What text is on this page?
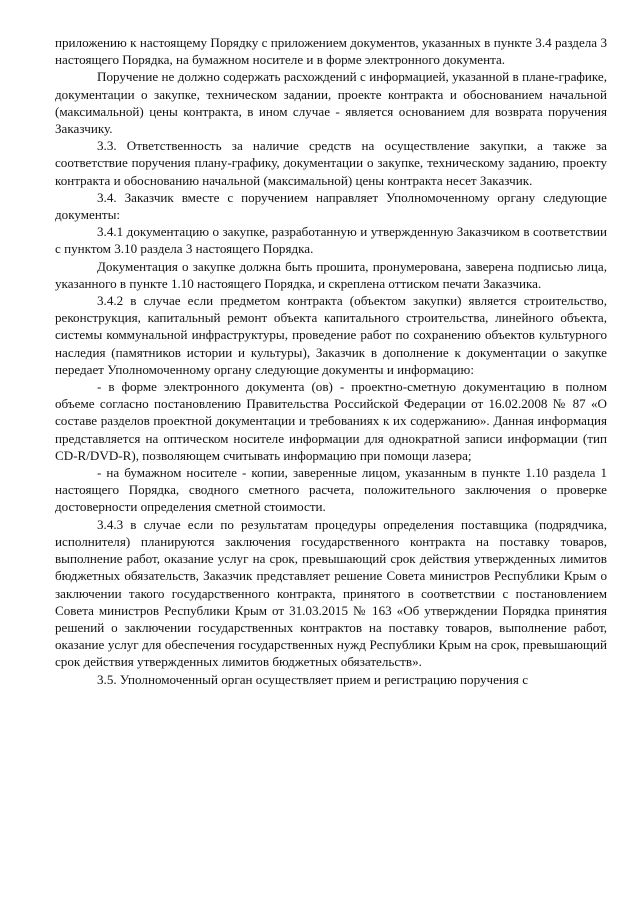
приложению к настоящему Порядку с приложением документов, указанных в пункте 3.4 раздела 3 настоящего Порядка, на бумажном носителе и в форме электронного документа.

Поручение не должно содержать расхождений с информацией, указанной в плане-графике, документации о закупке, техническом задании, проекте контракта и обоснованием начальной (максимальной) цены контракта, в ином случае - является основанием для возврата поручения Заказчику.

3.3. Ответственность за наличие средств на осуществление закупки, а также за соответствие поручения плану-графику, документации о закупке, техническому заданию, проекту контракта и обоснованию начальной (максимальной) цены контракта несет Заказчик.

3.4. Заказчик вместе с поручением направляет Уполномоченному органу следующие документы:

3.4.1 документацию о закупке, разработанную и утвержденную Заказчиком в соответствии с пунктом 3.10 раздела 3 настоящего Порядка.

Документация о закупке должна быть прошита, пронумерована, заверена подписью лица, указанного в пункте 1.10 настоящего Порядка, и скреплена оттиском печати Заказчика.

3.4.2 в случае если предметом контракта (объектом закупки) является строительство, реконструкция, капитальный ремонт объекта капитального строительства, линейного объекта, системы коммунальной инфраструктуры, проведение работ по сохранению объектов культурного наследия (памятников истории и культуры), Заказчик в дополнение к документации о закупке передает Уполномоченному органу следующие документы и информацию:

- в форме электронного документа (ов) - проектно-сметную документацию в полном объеме согласно постановлению Правительства Российской Федерации от 16.02.2008 № 87 «О составе разделов проектной документации и требованиях к их содержанию». Данная информация представляется на оптическом носителе информации для однократной записи информации (тип CD-R/DVD-R), позволяющем считывать информацию при помощи лазера;

- на бумажном носителе - копии, заверенные лицом, указанным в пункте 1.10 раздела 1 настоящего Порядка, сводного сметного расчета, положительного заключения о проверке достоверности определения сметной стоимости.

3.4.3 в случае если по результатам процедуры определения поставщика (подрядчика, исполнителя) планируются заключения государственного контракта на поставку товаров, выполнение работ, оказание услуг на срок, превышающий срок действия утвержденных лимитов бюджетных обязательств, Заказчик представляет решение Совета министров Республики Крым о заключении такого государственного контракта, принятого в соответствии с постановлением Совета министров Республики Крым от 31.03.2015 № 163 «Об утверждении Порядка принятия решений о заключении государственных контрактов на поставку товаров, выполнение работ, оказание услуг для обеспечения государственных нужд Республики Крым на срок, превышающий срок действия утвержденных лимитов бюджетных обязательств».

3.5. Уполномоченный орган осуществляет прием и регистрацию поручения с
